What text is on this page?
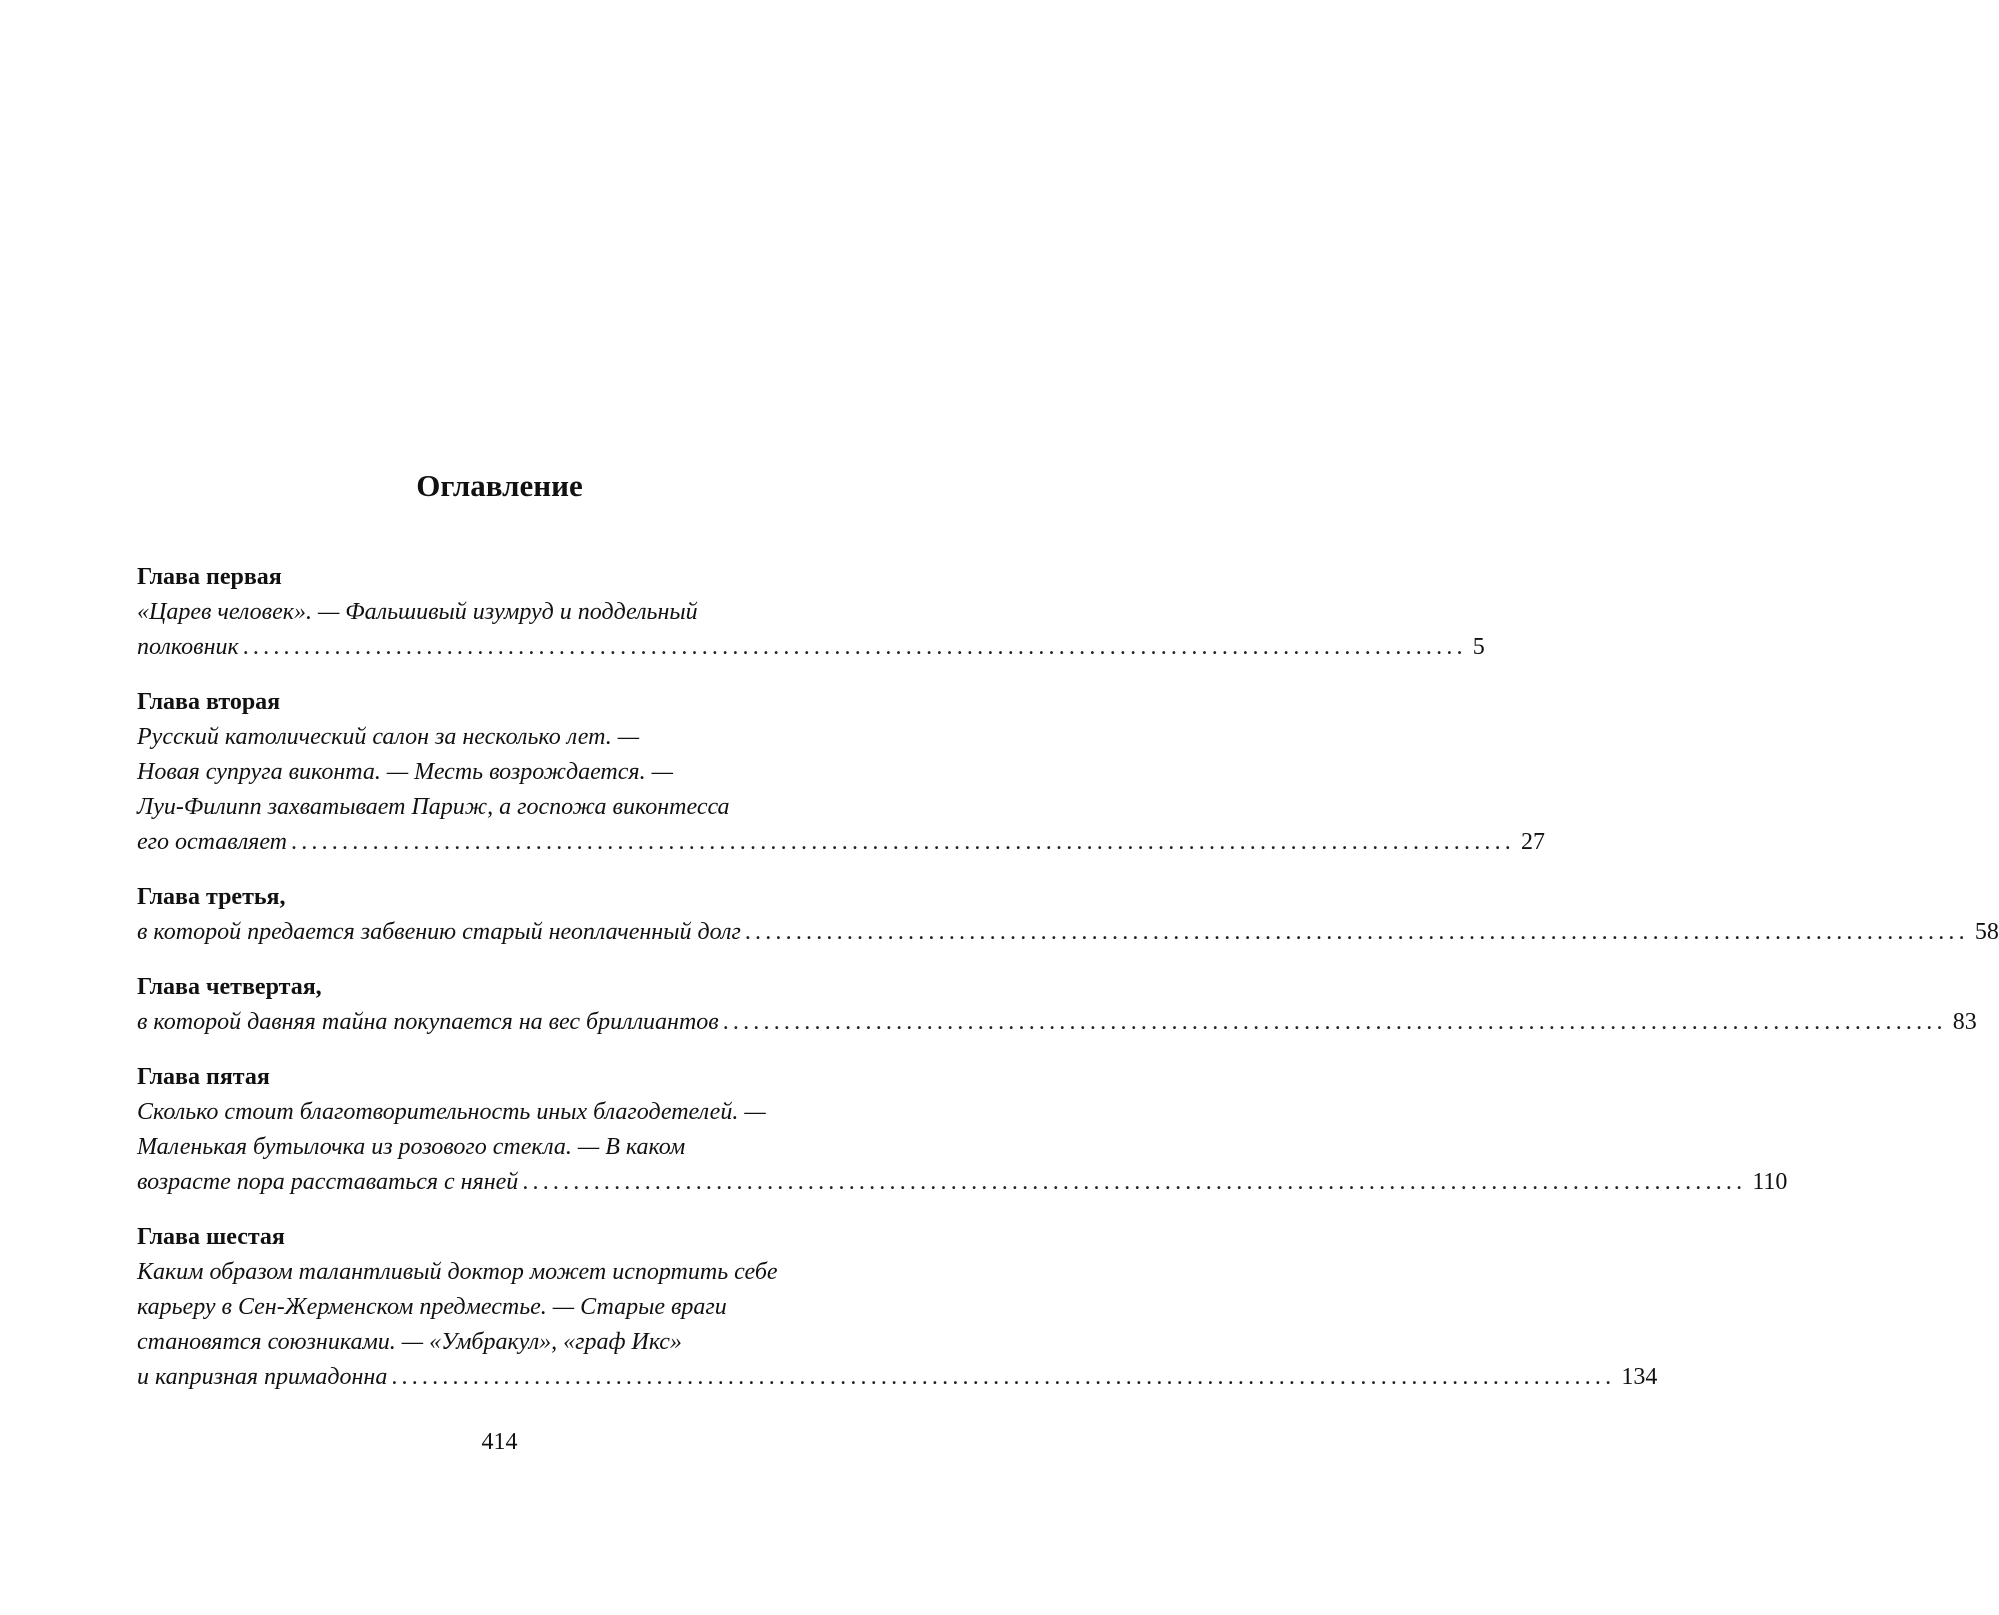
Оглавление
Глава первая
«Царев человек». — Фальшивый изумруд и поддельный
полковник ........................................................................................................................ 5
Глава вторая
Русский католический салон за несколько лет. —
Новая супруга виконта. — Месть возрождается. —
Луи-Филипп захватывает Париж, а госпожа виконтесса
его оставляет ........................................................................................................................ 27
Глава третья,
в которой предается забвению старый неоплаченный долг ........................................................................................................................ 58
Глава четвертая,
в которой давняя тайна покупается на вес бриллиантов ........................................................................................................................ 83
Глава пятая
Сколько стоит благотворительность иных благодетелей. —
Маленькая бутылочка из розового стекла. — В каком
возрасте пора расставаться с няней ........................................................................................................................ 110
Глава шестая
Каким образом талантливый доктор может испортить себе
карьеру в Сен-Жерменском предместье. — Старые враги
становятся союзниками. — «Умбракул», «граф Икс»
и капризная примадонна ........................................................................................................................ 134
414
